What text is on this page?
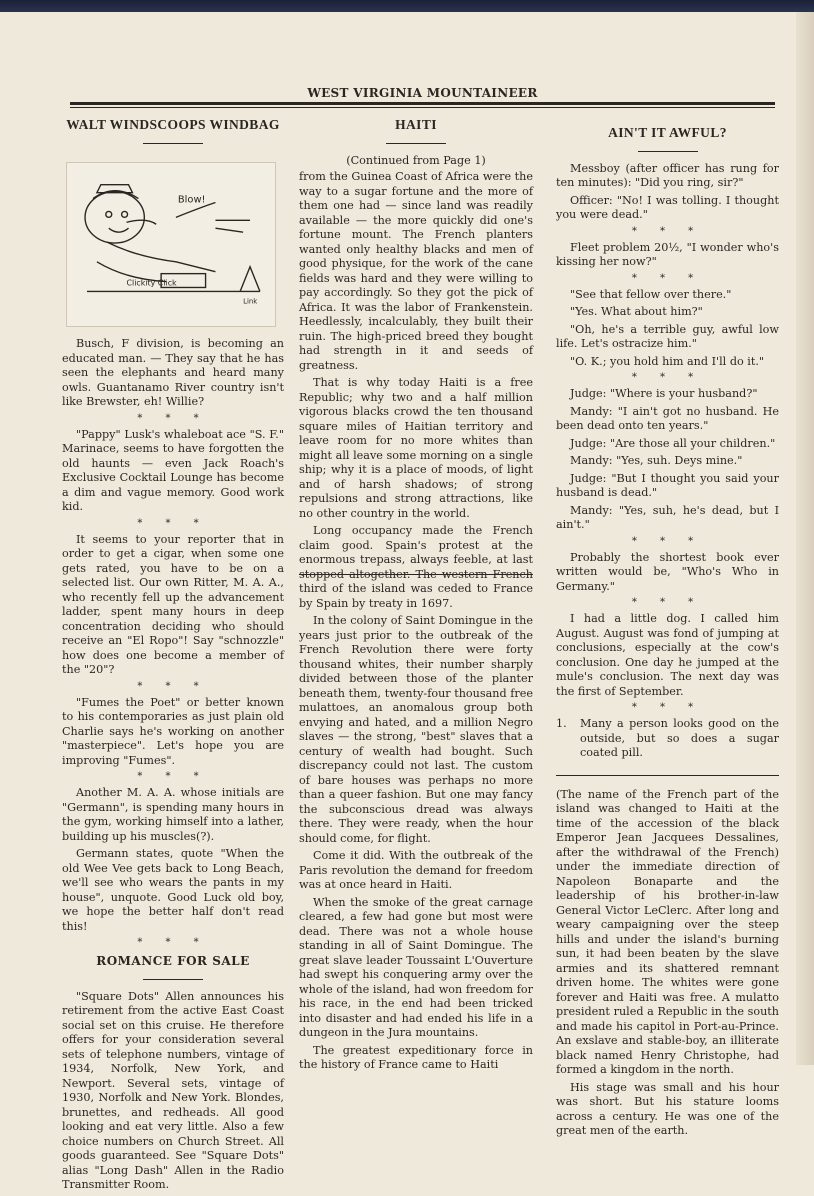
WEST VIRGINIA MOUNTAINEER
WALT WINDSCOOPS WINDBAG
Blow!
Clickity Click
Link
Busch, F division, is becoming an educated man. — They say that he has seen the elephants and heard many owls. Guantanamo River country isn't like Brewster, eh! Willie?
* * *
"Pappy" Lusk's whaleboat ace "S. F." Marinace, seems to have forgotten the old haunts — even Jack Roach's Exclusive Cocktail Lounge has become a dim and vague memory. Good work kid.
* * *
It seems to your reporter that in order to get a cigar, when some one gets rated, you have to be on a selected list. Our own Ritter, M. A. A., who recently fell up the advancement ladder, spent many hours in deep concentration deciding who should receive an "El Ropo"! Say "schnozzle" how does one become a member of the "20"?
* * *
"Fumes the Poet" or better known to his contemporaries as just plain old Charlie says he's working on another "masterpiece". Let's hope you are improving "Fumes".
* * *
Another M. A. A. whose initials are "Germann", is spending many hours in the gym, working himself into a lather, building up his muscles(?).
Germann states, quote "When the old Wee Vee gets back to Long Beach, we'll see who wears the pants in my house", unquote. Good Luck old boy, we hope the better half don't read this!
* * *
ROMANCE FOR SALE
"Square Dots" Allen announces his retirement from the active East Coast social set on this cruise. He therefore offers for your consideration several sets of telephone numbers, vintage of 1934, Norfolk, New York, and Newport. Several sets, vintage of 1930, Norfolk and New York. Blondes, brunettes, and redheads. All good looking and eat very little. Also a few choice numbers on Church Street. All goods guaranteed. See "Square Dots" alias "Long Dash" Allen in the Radio Transmitter Room.
HAITI
(Continued from Page 1)
from the Guinea Coast of Africa were the way to a sugar fortune and the more of them one had — since land was readily available — the more quickly did one's fortune mount. The French planters wanted only healthy blacks and men of good physique, for the work of the cane fields was hard and they were willing to pay accordingly. So they got the pick of Africa. It was the labor of Frankenstein. Heedlessly, incalculably, they built their ruin. The high-priced breed they bought had strength in it and seeds of greatness.
That is why today Haiti is a free Republic; why two and a half million vigorous blacks crowd the ten thousand square miles of Haitian territory and leave room for no more whites than might all leave some morning on a single ship; why it is a place of moods, of light and of harsh shadows; of strong repulsions and strong attractions, like no other country in the world.
Long occupancy made the French claim good. Spain's protest at the enormous trepass, always feeble, at last stopped altogether. The western French third of the island was ceded to France by Spain by treaty in 1697.
In the colony of Saint Domingue in the years just prior to the outbreak of the French Revolution there were forty thousand whites, their number sharply divided between those of the planter beneath them, twenty-four thousand free mulattoes, an anomalous group both envying and hated, and a million Negro slaves — the strong, "best" slaves that a century of wealth had bought. Such discrepancy could not last. The custom of bare houses was perhaps no more than a queer fashion. But one may fancy the subconscious dread was always there. They were ready, when the hour should come, for flight.
Come it did. With the outbreak of the Paris revolution the demand for freedom was at once heard in Haiti.
When the smoke of the great carnage cleared, a few had gone but most were dead. There was not a whole house standing in all of Saint Domingue. The great slave leader Toussaint L'Ouverture had swept his conquering army over the whole of the island, had won freedom for his race, in the end had been tricked into disaster and had ended his life in a dungeon in the Jura mountains.
The greatest expeditionary force in the history of France came to Haiti
AIN'T IT AWFUL?
Messboy (after officer has rung for ten minutes): "Did you ring, sir?"
Officer: "No! I was tolling. I thought you were dead."
* * *
Fleet problem 20½, "I wonder who's kissing her now?"
* * *
"See that fellow over there."
"Yes. What about him?"
"Oh, he's a terrible guy, awful low life. Let's ostracize him."
"O. K.; you hold him and I'll do it."
* * *
Judge: "Where is your husband?"
Mandy: "I ain't got no husband. He been dead onto ten years."
Judge: "Are those all your children."
Mandy: "Yes, suh. Deys mine."
Judge: "But I thought you said your husband is dead."
Mandy: "Yes, suh, he's dead, but I ain't."
* * *
Probably the shortest book ever written would be, "Who's Who in Germany."
* * *
I had a little dog. I called him August. August was fond of jumping at conclusions, especially at the cow's conclusion. One day he jumped at the mule's conclusion. The next day was the first of September.
* * *
1. Many a person looks good on the outside, but so does a sugar coated pill.
(The name of the French part of the island was changed to Haiti at the time of the accession of the black Emperor Jean Jacquees Dessalines, after the withdrawal of the French) under the immediate direction of Napoleon Bonaparte and the leadership of his brother-in-law General Victor LeClerc. After long and weary campaigning over the steep hills and under the island's burning sun, it had been beaten by the slave armies and its shattered remnant driven home. The whites were gone forever and Haiti was free. A mulatto president ruled a Republic in the south and made his capitol in Port-au-Prince. An exslave and stable-boy, an illiterate black named Henry Christophe, had formed a kingdom in the north.
His stage was small and his hour was short. But his stature looms across a century. He was one of the great men of the earth.
